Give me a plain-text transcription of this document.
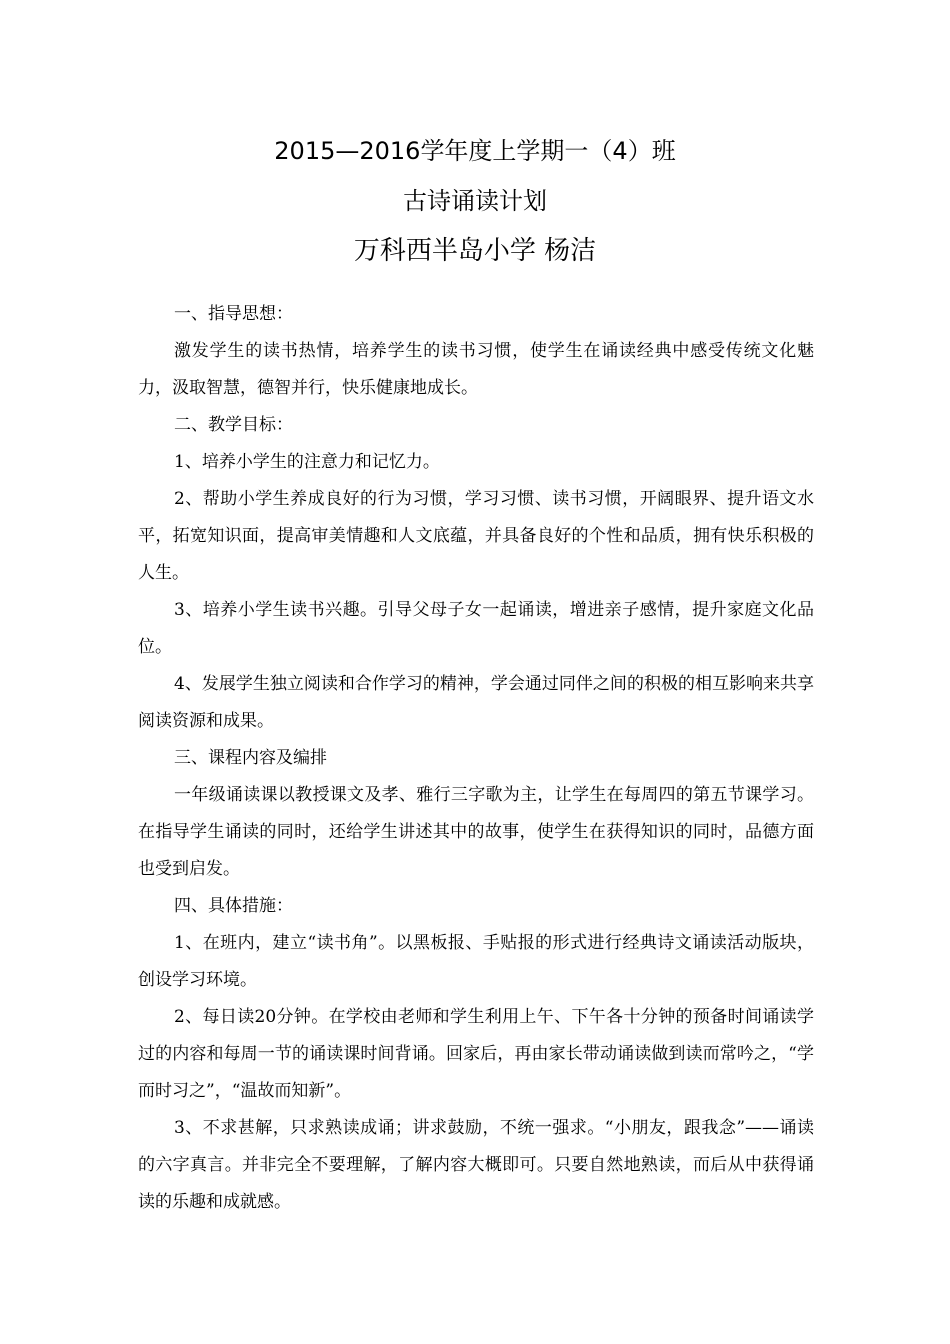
2015—2016学年度上学期一（4）班
古诗诵读计划
万科西半岛小学 杨洁

一、指导思想：

激发学生的读书热情，培养学生的读书习惯，使学生在诵读经典中感受传统文化魅力，汲取智慧，德智并行，快乐健康地成长。

二、教学目标：

1、培养小学生的注意力和记忆力。

2、帮助小学生养成良好的行为习惯，学习习惯、读书习惯，开阔眼界、提升语文水平，拓宽知识面，提高审美情趣和人文底蕴，并具备良好的个性和品质，拥有快乐积极的人生。

3、培养小学生读书兴趣。引导父母子女一起诵读，增进亲子感情，提升家庭文化品位。

4、发展学生独立阅读和合作学习的精神，学会通过同伴之间的积极的相互影响来共享阅读资源和成果。

三、课程内容及编排

一年级诵读课以教授课文及孝、雅行三字歌为主，让学生在每周四的第五节课学习。在指导学生诵读的同时，还给学生讲述其中的故事，使学生在获得知识的同时，品德方面也受到启发。

四、具体措施：

1、在班内，建立“读书角”。以黑板报、手贴报的形式进行经典诗文诵读活动版块，创设学习环境。

2、每日读20分钟。在学校由老师和学生利用上午、下午各十分钟的预备时间诵读学过的内容和每周一节的诵读课时间背诵。回家后，再由家长带动诵读做到读而常吟之，“学而时习之”，“温故而知新”。

3、不求甚解，只求熟读成诵；讲求鼓励，不统一强求。“小朋友，跟我念”——诵读的六字真言。并非完全不要理解，了解内容大概即可。只要自然地熟读，而后从中获得诵读的乐趣和成就感。
